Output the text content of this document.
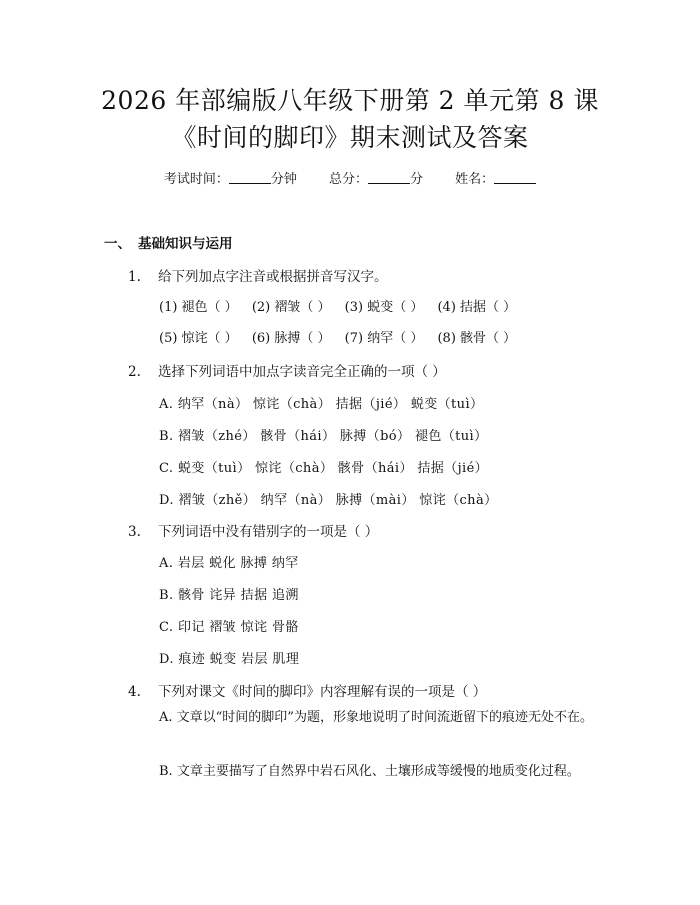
2026 年部编版八年级下册第 2 单元第 8 课
《时间的脚印》期末测试及答案
考试时间：	分钟 总分：	分 姓名：
一、 基础知识与运用
1. 给下列加点字注音或根据拼音写汉字。
(1) 褪色（ ） (2) 褶皱（ ） (3) 蜕变（ ） (4) 拮据（ ）
(5) 惊诧（ ） (6) 脉搏（ ） (7) 纳罕（ ） (8) 骸骨（ ）
2. 选择下列词语中加点字读音完全正确的一项（ ）
A. 纳罕（nà） 惊诧（chà） 拮据（jié） 蜕变（tuì）
B. 褶皱（zhé） 骸骨（hái） 脉搏（bó） 褪色（tuì）
C. 蜕变（tuì） 惊诧（chà） 骸骨（hái） 拮据（jié）
D. 褶皱（zhě） 纳罕（nà） 脉搏（mài） 惊诧（chà）
3. 下列词语中没有错别字的一项是（ ）
A. 岩层 蜕化 脉搏 纳罕
B. 骸骨 诧异 拮据 追溯
C. 印记 褶皱 惊诧 骨骼
D. 痕迹 蜕变 岩层 肌理
4. 下列对课文《时间的脚印》内容理解有误的一项是（ ）
A. 文章以“时间的脚印”为题，形象地说明了时间流逝留下的痕迹无处不在。
B. 文章主要描写了自然界中岩石风化、土壤形成等缓慢的地质变化过程。
